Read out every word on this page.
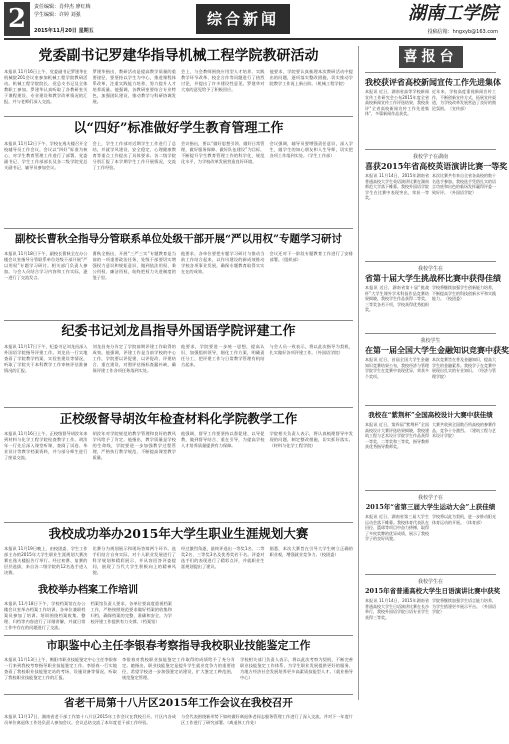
2	责任编辑：肖仲杰 廖红梅
学生编辑：许婷 刘强
2015年11月20日 星期五
综合新闻	湖南工学院
投稿信箱：hngxyb@163.com
党委副书记罗建华指导机械工程学院教研活动
本报讯 11月16日上午，党委副书记罗建华在机械院201会议室参加机械工程学院教研活动。机械工程学院院长、党总支书记及全体教职工参加。罗建华认真听取了各教研室关于课程建设、专业建设和教学改革情况的汇报，并与老师们深入交流。
罗建华指出，教研活动是提高教学质量的重要途径，要坚持以学生为中心，推进课程体系改革，注重实践能力培养，努力提升人才培养质量。他强调，各教研室要结合专业特色，加强团队建设，推动教学与科研协调发展。
会上，与会教师围绕应用型人才培养、实践教学环节改革、校企合作等问题进行了热烈讨论，并提出了许多建设性意见。罗建华对大家的意见给予了积极回应。
他要求，学院要认真梳理本次教研活动中提出的问题，逐项落实整改措施，切实推动学院教学工作再上新台阶。（机械工程学院）
以“四好”标准做好学生教育管理工作
本报讯 11月12日下午，学校在逸夫楼召开全校辅导员工作会议。会议以“四好”标准为核心，对学生教育管理工作进行了部署。党委副书记、学生工作部部长及各二级学院党总支副书记、辅导员参加会议。
会上，学生工作部对近期学生工作进行了总结，并就学风建设、安全稳定、心理健康教育等重点工作提出了具体要求。各二级学院分别汇报了本学期学生工作开展情况，交流了工作经验。
会议指出，要以“做好思想引领、做好日常管理、做好服务保障、做好队伍建设”为目标，不断提升学生教育管理工作的科学化、规范化水平，为学校改革发展营造良好环境。
会议强调，辅导员要增强责任意识，深入学生，做学生的知心朋友和人生导师，切实把各项工作落到实处。（学生工作部）
副校长曹秋全指导分管联系单位处级干部开展“严以用权”专题学习研讨
本报讯 11月18日下午，副校长曹秋全在办公楼会议室指导分管联系单位处级干部开展“严以用权”专题学习研讨。相关部门负责人参加。与会人员结合学习内容和工作实际，逐一进行了交流发言。
曹秋全指出，开展“三严三实”专题教育是当前的一项重要政治任务，处级干部要切实增强权力意识和规矩意识，做到依法用权、秉公用权、廉洁用权，始终把权力关进制度的笼子里。
他要求，各单位要把专题学习研讨与推动当前工作结合起来，以作风建设的新成效推动学校各项事业发展，确保专题教育取得实实在在的成效。
会议还对下一阶段专题教育工作进行了安排部署。（组织部）
纪委书记刘龙昌指导外国语学院评建工作
本报讯 11月17日下午，纪委书记刘龙昌深入外国语学院指导评建工作。刘龙昌一行实地查看了学院教学档案、实验室建设等情况，听取了学院关于本科教学工作审核评估准备情况的汇报。
刘龙昌充分肯定了学院前期评建工作取得的成效。他强调，评建工作是当前学校的中心工作，学院要以评促建、以评促改、评建结合、重在建设，对照评估指标查漏补缺，确保评建工作各项任务落到实处。
他要求，学院要进一步统一思想，提高认识，加强组织领导，细化工作方案，明确责任分工，把评建工作与日常教学管理有机结合起来。
与会人员一致表示，将以此次指导为契机，扎实做好各项评建工作。（外国语学院）
正校级督导胡汝年检查材料化学院教学工作
本报讯 11月16日上午，正校级督导胡汝年来到材料与化学工程学院检查教学工作。胡汝年一行先后深入课堂听课，查阅了试卷、毕业设计等教学档案资料，并与部分师生进行了座谈交流。
胡汝年对学院规范的教学管理和良好的教风学风给予了肯定。他指出，教学质量是学校的生命线，学院要进一步加强教学过程管理，严格执行教学规范，不断提高课堂教学质量。
他强调，督导工作要坚持以督促建、以导促教，做到督导结合、重在引导，为提高学校人才培养质量提供有力保障。
学院相关负责人表示，将认真梳理督导中发现的问题，制定整改措施，切实抓好落实。（材料与化学工程学院）
我校成功举办2015年大学生职业生涯规划大赛
本报讯 11月19日晚上，由校团委、学生工作部主办的2015年大学生职业生涯规划大赛决赛在逸夫楼报告厅举行。经过初赛、复赛的层层选拔，来自各二级学院的12名选手进入决赛。
比赛分为规划展示和现场答辩两个环节。选手们结合自身实际，对个人职业发展进行了科学规划和精彩展示，并从容回答评委提问，展现了当代大学生积极向上的精神风貌。
经过激烈角逐，最终评选出一等奖1名、二等奖2名、三等奖3名及优秀奖若干名。评委对选手们的表现进行了精彩点评，并就职业生涯规划提出了建议。
据悉，本次大赛旨在引导大学生树立正确的职业观，增强就业竞争力。（校团委）
我校举办档案工作培训
本报讯 11月18日下午，学校档案馆在办公楼会议室举办档案工作培训，各单位兼职档案员参加了培训。培训围绕档案收集、整理、归档等内容进行了详细讲解，并就日常工作中存在的问题进行了交流。
档案馆负责人要求，各单位要高度重视档案工作，严格按照规范要求做好档案的收集和归档，确保档案的完整、准确和安全，为学校评建工作提供有力支撑。（档案馆）
市职鉴中心主任李银春考察指导我校职业技能鉴定工作
本报讯 11月13日上午，衡阳市职业技能鉴定中心主任李银春一行来到我校考察指导职业技能鉴定工作。李银春一行实地查看了我校职业技能鉴定站的考场、设施设备等情况，听取了我校职业技能鉴定工作的汇报。
李银春对我校职业技能鉴定工作取得的成绩给予了充分肯定。她指出，职业技能鉴定是提升学生就业竞争力的重要途径，希望学校进一步加强鉴定站建设，扩大鉴定工种范围，规范鉴定管理。
学校相关部门负责人表示，将以此次考察为契机，不断完善职业技能鉴定工作体系，为学生职业发展提供更好的服务，为地方经济社会发展培养更多高素质技能型人才。（就业指导中心）
省老干局第十八片区2015年工作会议在我校召开
本报讯 11月17日，湖南省老干部工作第十八片区2015年工作会议在我校召开。片区内各成员单位离退休工作处负责人参加会议。会议总结交流了本年度老干部工作经验。
与会代表围绕新形势下如何做好离退休老同志服务管理工作进行了深入交流，并对下一年度片区工作进行了研究部署。（离退休工作处）
喜报台
我校获评省高校新闻宣传工作先进集体
本报讯 近日，湖南省高等学校新闻宣传工作研究会公布2015年度全省高校新闻宣传工作评选结果，我校获评“全省高校新闻宣传工作先进集体”，多篇新闻作品获奖。
近年来，学校高度重视新闻宣传工作，不断创新宣传方式，拓展宣传渠道，为学校改革发展营造了良好的舆论氛围。（宣传部）
我校学子在湖南
喜获2015年省高校英语演讲比赛一等奖
本报讯 11月14日，2015年湖南省普通高校大学生英语演讲比赛在湖南师范大学落下帷幕。我校外国语学院学生在比赛中表现突出，荣获一等奖。
本次比赛共有来自全省各高校的数十名选手参加。我校选手凭借扎实的语言功底和出色的临场发挥赢得评委一致好评。（外国语学院）
我校学生在
省第十届大学生挑战杯比赛中获得佳绩
本报讯 近日，湖南省第十届“挑战杯”大学生课外学术科技作品竞赛结果揭晓，我校学生作品获得二等奖、三等奖各若干项，学校获得优秀组织奖。
学校将继续加强学生创新能力培养，不断提高学生的科技创新水平和实践能力。（校团委）
我校学生
在第一届全国大学生金融知识竞赛中获奖
本报讯 近日，首届全国大学生金融知识竞赛结果公布，我校经济与管理学院学生在竞赛中表现优异，荣获多个奖项。
本次竞赛旨在普及金融知识，提高大学生的金融素养。我校学子在竞赛中展现出扎实的专业知识。（经济与管理学院）
我校在“紫荆杯”全国高校设计大赛中获佳绩
本报讯 近日，第四届“紫荆杯”全国高校设计大赛评选结果揭晓，我校建筑工程与艺术设计学院学生作品获得一等奖、二等奖和三等奖，指导教师获优秀指导教师奖。
大赛共收到全国数百所高校的参赛作品，竞争十分激烈。（建筑工程与艺术设计学院）
我校学子在
2015年“省第三届大学生运动大会”上获佳绩
本报讯 近日，湖南省第三届大学生运动会落下帷幕。我校体育代表队在田径、篮球等项目中奋力拼搏，取得了多枚奖牌的优异成绩，展示了我校学子的良好风貌。
学校将以此为契机，进一步推动阳光体育运动的开展。（体育部）
我校学生在
2015年省普通高校大学生日语演讲比赛中获奖
本报讯 11月14日，2015年湖南省普通高校大学生日语演讲比赛在长沙举行，我校外国语学院日语专业学生获得三等奖。
学院将继续加强学生语言能力培养，为学生搭建更多展示平台。（外国语学院）
